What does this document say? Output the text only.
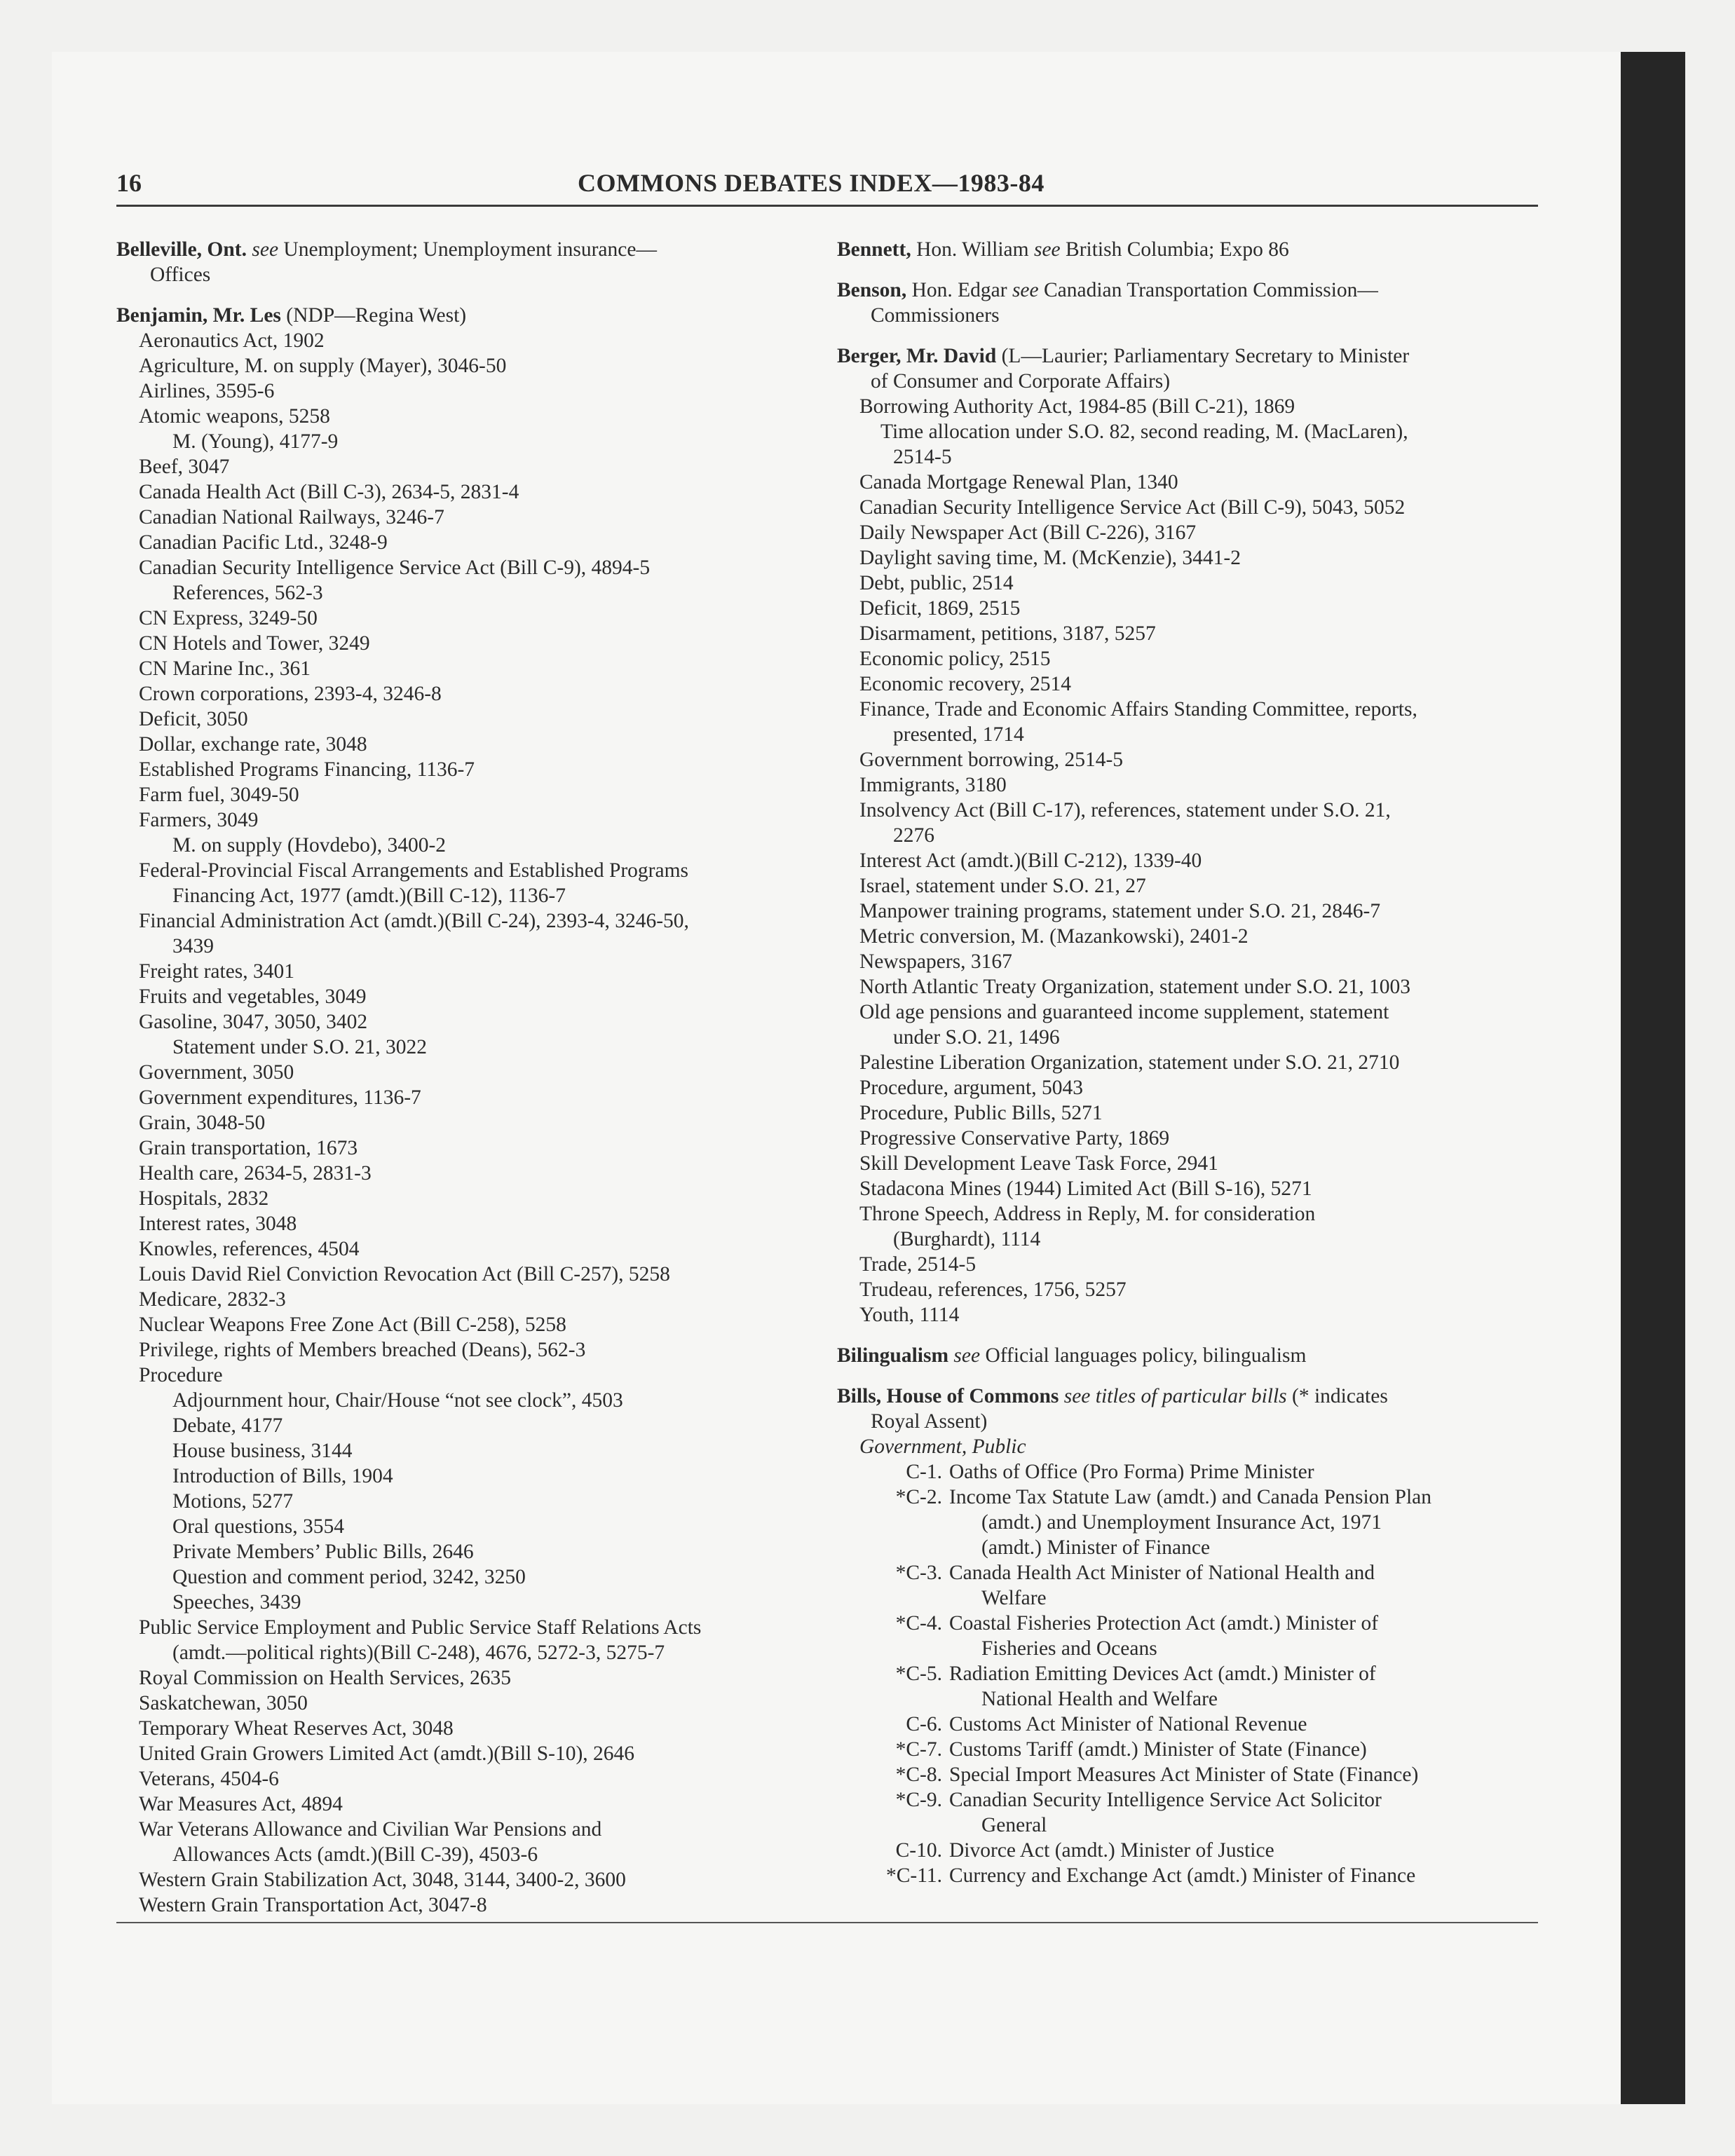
16	COMMONS DEBATES INDEX—1983-84
Belleville, Ont. see Unemployment; Unemployment insurance—
Offices
Benjamin, Mr. Les (NDP—Regina West)
Aeronautics Act, 1902
Agriculture, M. on supply (Mayer), 3046-50
Airlines, 3595-6
Atomic weapons, 5258
M. (Young), 4177-9
Beef, 3047
Canada Health Act (Bill C-3), 2634-5, 2831-4
Canadian National Railways, 3246-7
Canadian Pacific Ltd., 3248-9
Canadian Security Intelligence Service Act (Bill C-9), 4894-5
References, 562-3
CN Express, 3249-50
CN Hotels and Tower, 3249
CN Marine Inc., 361
Crown corporations, 2393-4, 3246-8
Deficit, 3050
Dollar, exchange rate, 3048
Established Programs Financing, 1136-7
Farm fuel, 3049-50
Farmers, 3049
M. on supply (Hovdebo), 3400-2
Federal-Provincial Fiscal Arrangements and Established Programs
Financing Act, 1977 (amdt.)(Bill C-12), 1136-7
Financial Administration Act (amdt.)(Bill C-24), 2393-4, 3246-50,
3439
Freight rates, 3401
Fruits and vegetables, 3049
Gasoline, 3047, 3050, 3402
Statement under S.O. 21, 3022
Government, 3050
Government expenditures, 1136-7
Grain, 3048-50
Grain transportation, 1673
Health care, 2634-5, 2831-3
Hospitals, 2832
Interest rates, 3048
Knowles, references, 4504
Louis David Riel Conviction Revocation Act (Bill C-257), 5258
Medicare, 2832-3
Nuclear Weapons Free Zone Act (Bill C-258), 5258
Privilege, rights of Members breached (Deans), 562-3
Procedure
Adjournment hour, Chair/House “not see clock”, 4503
Debate, 4177
House business, 3144
Introduction of Bills, 1904
Motions, 5277
Oral questions, 3554
Private Members’ Public Bills, 2646
Question and comment period, 3242, 3250
Speeches, 3439
Public Service Employment and Public Service Staff Relations Acts
(amdt.—political rights)(Bill C-248), 4676, 5272-3, 5275-7
Royal Commission on Health Services, 2635
Saskatchewan, 3050
Temporary Wheat Reserves Act, 3048
United Grain Growers Limited Act (amdt.)(Bill S-10), 2646
Veterans, 4504-6
War Measures Act, 4894
War Veterans Allowance and Civilian War Pensions and
Allowances Acts (amdt.)(Bill C-39), 4503-6
Western Grain Stabilization Act, 3048, 3144, 3400-2, 3600
Western Grain Transportation Act, 3047-8
Bennett, Hon. William see British Columbia; Expo 86
Benson, Hon. Edgar see Canadian Transportation Commission—
Commissioners
Berger, Mr. David (L—Laurier; Parliamentary Secretary to Minister
of Consumer and Corporate Affairs)
Borrowing Authority Act, 1984-85 (Bill C-21), 1869
Time allocation under S.O. 82, second reading, M. (MacLaren),
2514-5
Canada Mortgage Renewal Plan, 1340
Canadian Security Intelligence Service Act (Bill C-9), 5043, 5052
Daily Newspaper Act (Bill C-226), 3167
Daylight saving time, M. (McKenzie), 3441-2
Debt, public, 2514
Deficit, 1869, 2515
Disarmament, petitions, 3187, 5257
Economic policy, 2515
Economic recovery, 2514
Finance, Trade and Economic Affairs Standing Committee, reports,
presented, 1714
Government borrowing, 2514-5
Immigrants, 3180
Insolvency Act (Bill C-17), references, statement under S.O. 21,
2276
Interest Act (amdt.)(Bill C-212), 1339-40
Israel, statement under S.O. 21, 27
Manpower training programs, statement under S.O. 21, 2846-7
Metric conversion, M. (Mazankowski), 2401-2
Newspapers, 3167
North Atlantic Treaty Organization, statement under S.O. 21, 1003
Old age pensions and guaranteed income supplement, statement
under S.O. 21, 1496
Palestine Liberation Organization, statement under S.O. 21, 2710
Procedure, argument, 5043
Procedure, Public Bills, 5271
Progressive Conservative Party, 1869
Skill Development Leave Task Force, 2941
Stadacona Mines (1944) Limited Act (Bill S-16), 5271
Throne Speech, Address in Reply, M. for consideration
(Burghardt), 1114
Trade, 2514-5
Trudeau, references, 1756, 5257
Youth, 1114
Bilingualism see Official languages policy, bilingualism
Bills, House of Commons see titles of particular bills (* indicates
Royal Assent)
Government, Public
C-1. Oaths of Office (Pro Forma) Prime Minister
*C-2. Income Tax Statute Law (amdt.) and Canada Pension Plan
(amdt.) and Unemployment Insurance Act, 1971
(amdt.) Minister of Finance
*C-3. Canada Health Act Minister of National Health and
Welfare
*C-4. Coastal Fisheries Protection Act (amdt.) Minister of
Fisheries and Oceans
*C-5. Radiation Emitting Devices Act (amdt.) Minister of
National Health and Welfare
C-6. Customs Act Minister of National Revenue
*C-7. Customs Tariff (amdt.) Minister of State (Finance)
*C-8. Special Import Measures Act Minister of State (Finance)
*C-9. Canadian Security Intelligence Service Act Solicitor
General
C-10. Divorce Act (amdt.) Minister of Justice
*C-11. Currency and Exchange Act (amdt.) Minister of Finance
